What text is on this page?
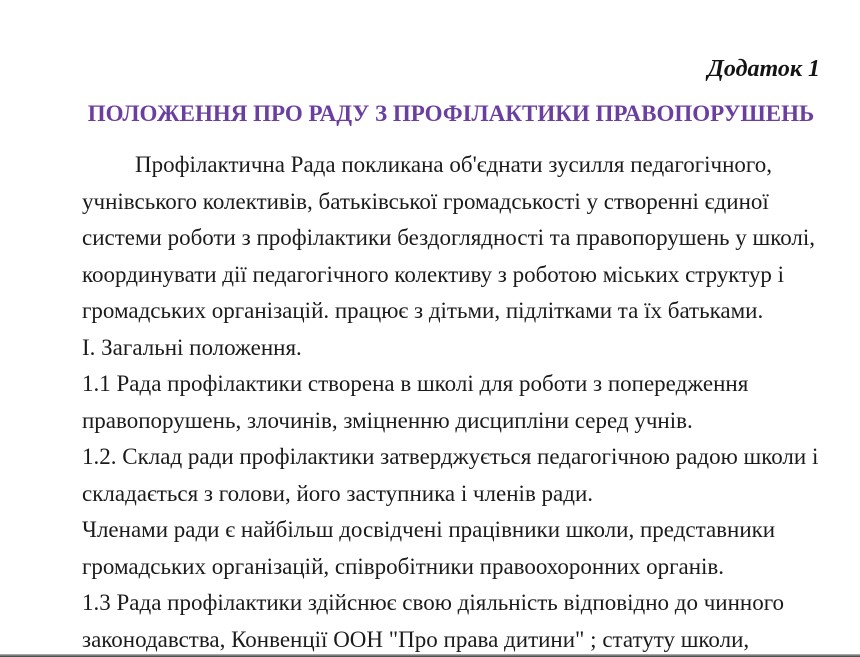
Додаток 1
ПОЛОЖЕННЯ ПРО РАДУ З ПРОФІЛАКТИКИ ПРАВОПОРУШЕНЬ
Профілактична Рада покликана об'єднати зусилля педагогічного,
учнівського колективів, батьківської громадськості у створенні єдиної
системи роботи з профілактики бездоглядності та правопорушень у школі,
координувати дії педагогічного колективу з роботою міських структур і
громадських організацій. працює з дітьми, підлітками та їх батьками.
І. Загальні положення.
1.1 Рада профілактики створена в школі для роботи з попередження
правопорушень, злочинів, зміцненню дисципліни серед учнів.
1.2. Склад ради профілактики затверджується педагогічною радою школи і
складається з голови, його заступника і членів ради.
Членами ради є найбільш досвідчені працівники школи, представники
громадських організацій, співробітники правоохоронних органів.
1.3 Рада профілактики здійснює свою діяльність відповідно до чинного
законодавства, Конвенції ООН "Про права дитини" ; статуту школи,
